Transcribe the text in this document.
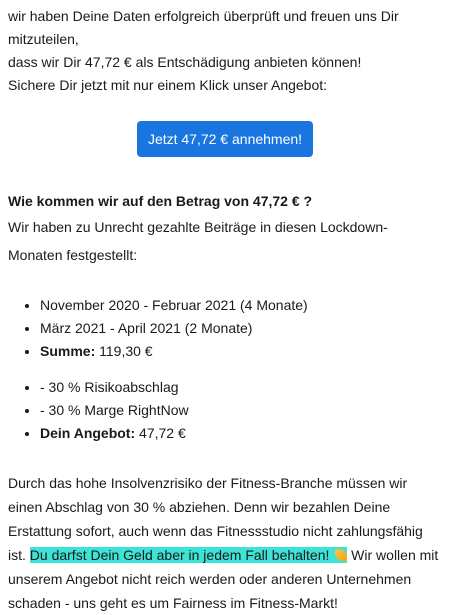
wir haben Deine Daten erfolgreich überprüft und freuen uns Dir mitzuteilen,

dass wir Dir 47,72 € als Entschädigung anbieten können!

Sichere Dir jetzt mit nur einem Klick unser Angebot:

Jetzt 47,72 € annehmen!

Wie kommen wir auf den Betrag von 47,72 € ?

Wir haben zu Unrecht gezahlte Beiträge in diesen Lockdown-Monaten festgestellt:

• November 2020 - Februar 2021 (4 Monate)
• März 2021 - April 2021 (2 Monate)
• Summe: 119,30 €
• - 30 % Risikoabschlag
• - 30 % Marge RightNow
• Dein Angebot: 47,72 €

Durch das hohe Insolvenzrisiko der Fitness-Branche müssen wir einen Abschlag von 30 % abziehen. Denn wir bezahlen Deine Erstattung sofort, auch wenn das Fitnessstudio nicht zahlungsfähig ist. Du darfst Dein Geld aber in jedem Fall behalten!  Wir wollen mit unserem Angebot nicht reich werden oder anderen Unternehmen schaden - uns geht es um Fairness im Fitness-Markt!
